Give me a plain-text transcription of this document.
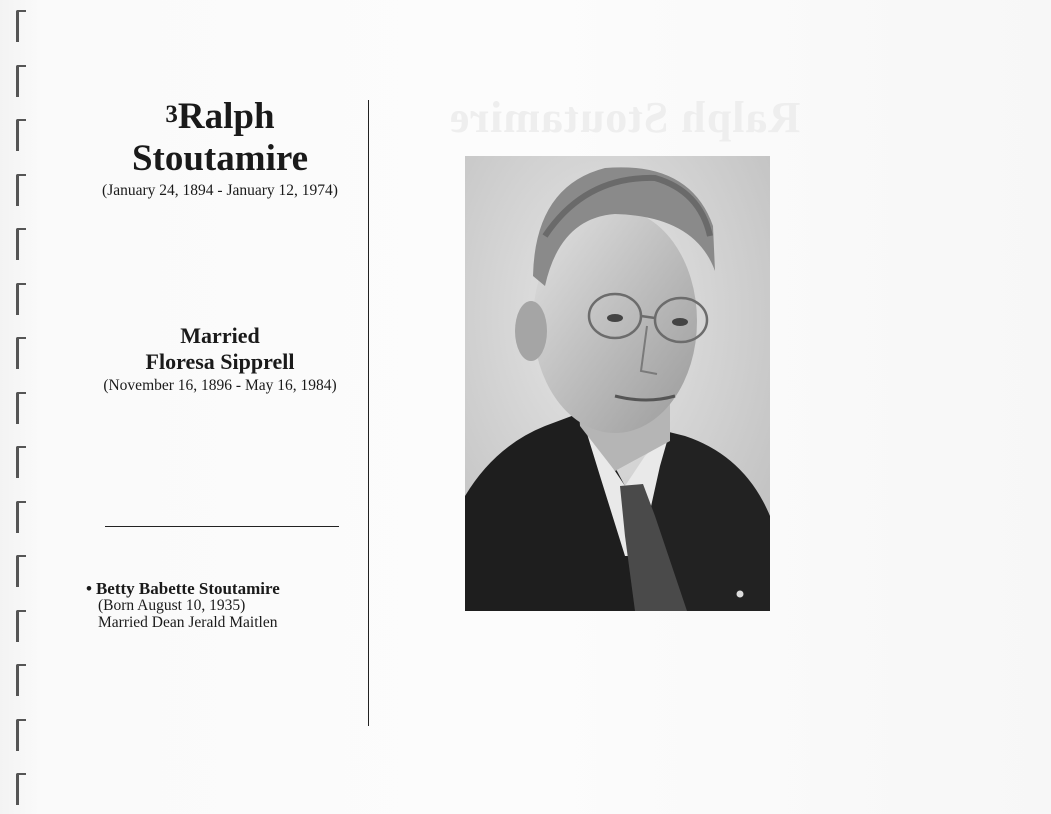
Ralph Stoutamire
$^3$Ralph
Stoutamire
(January 24, 1894 - January 12, 1974)
Married
Floresa Sipprell
(November 16, 1896 - May 16, 1984)
• Betty Babette Stoutamire
(Born August 10, 1935)
Married Dean Jerald Maitlen
